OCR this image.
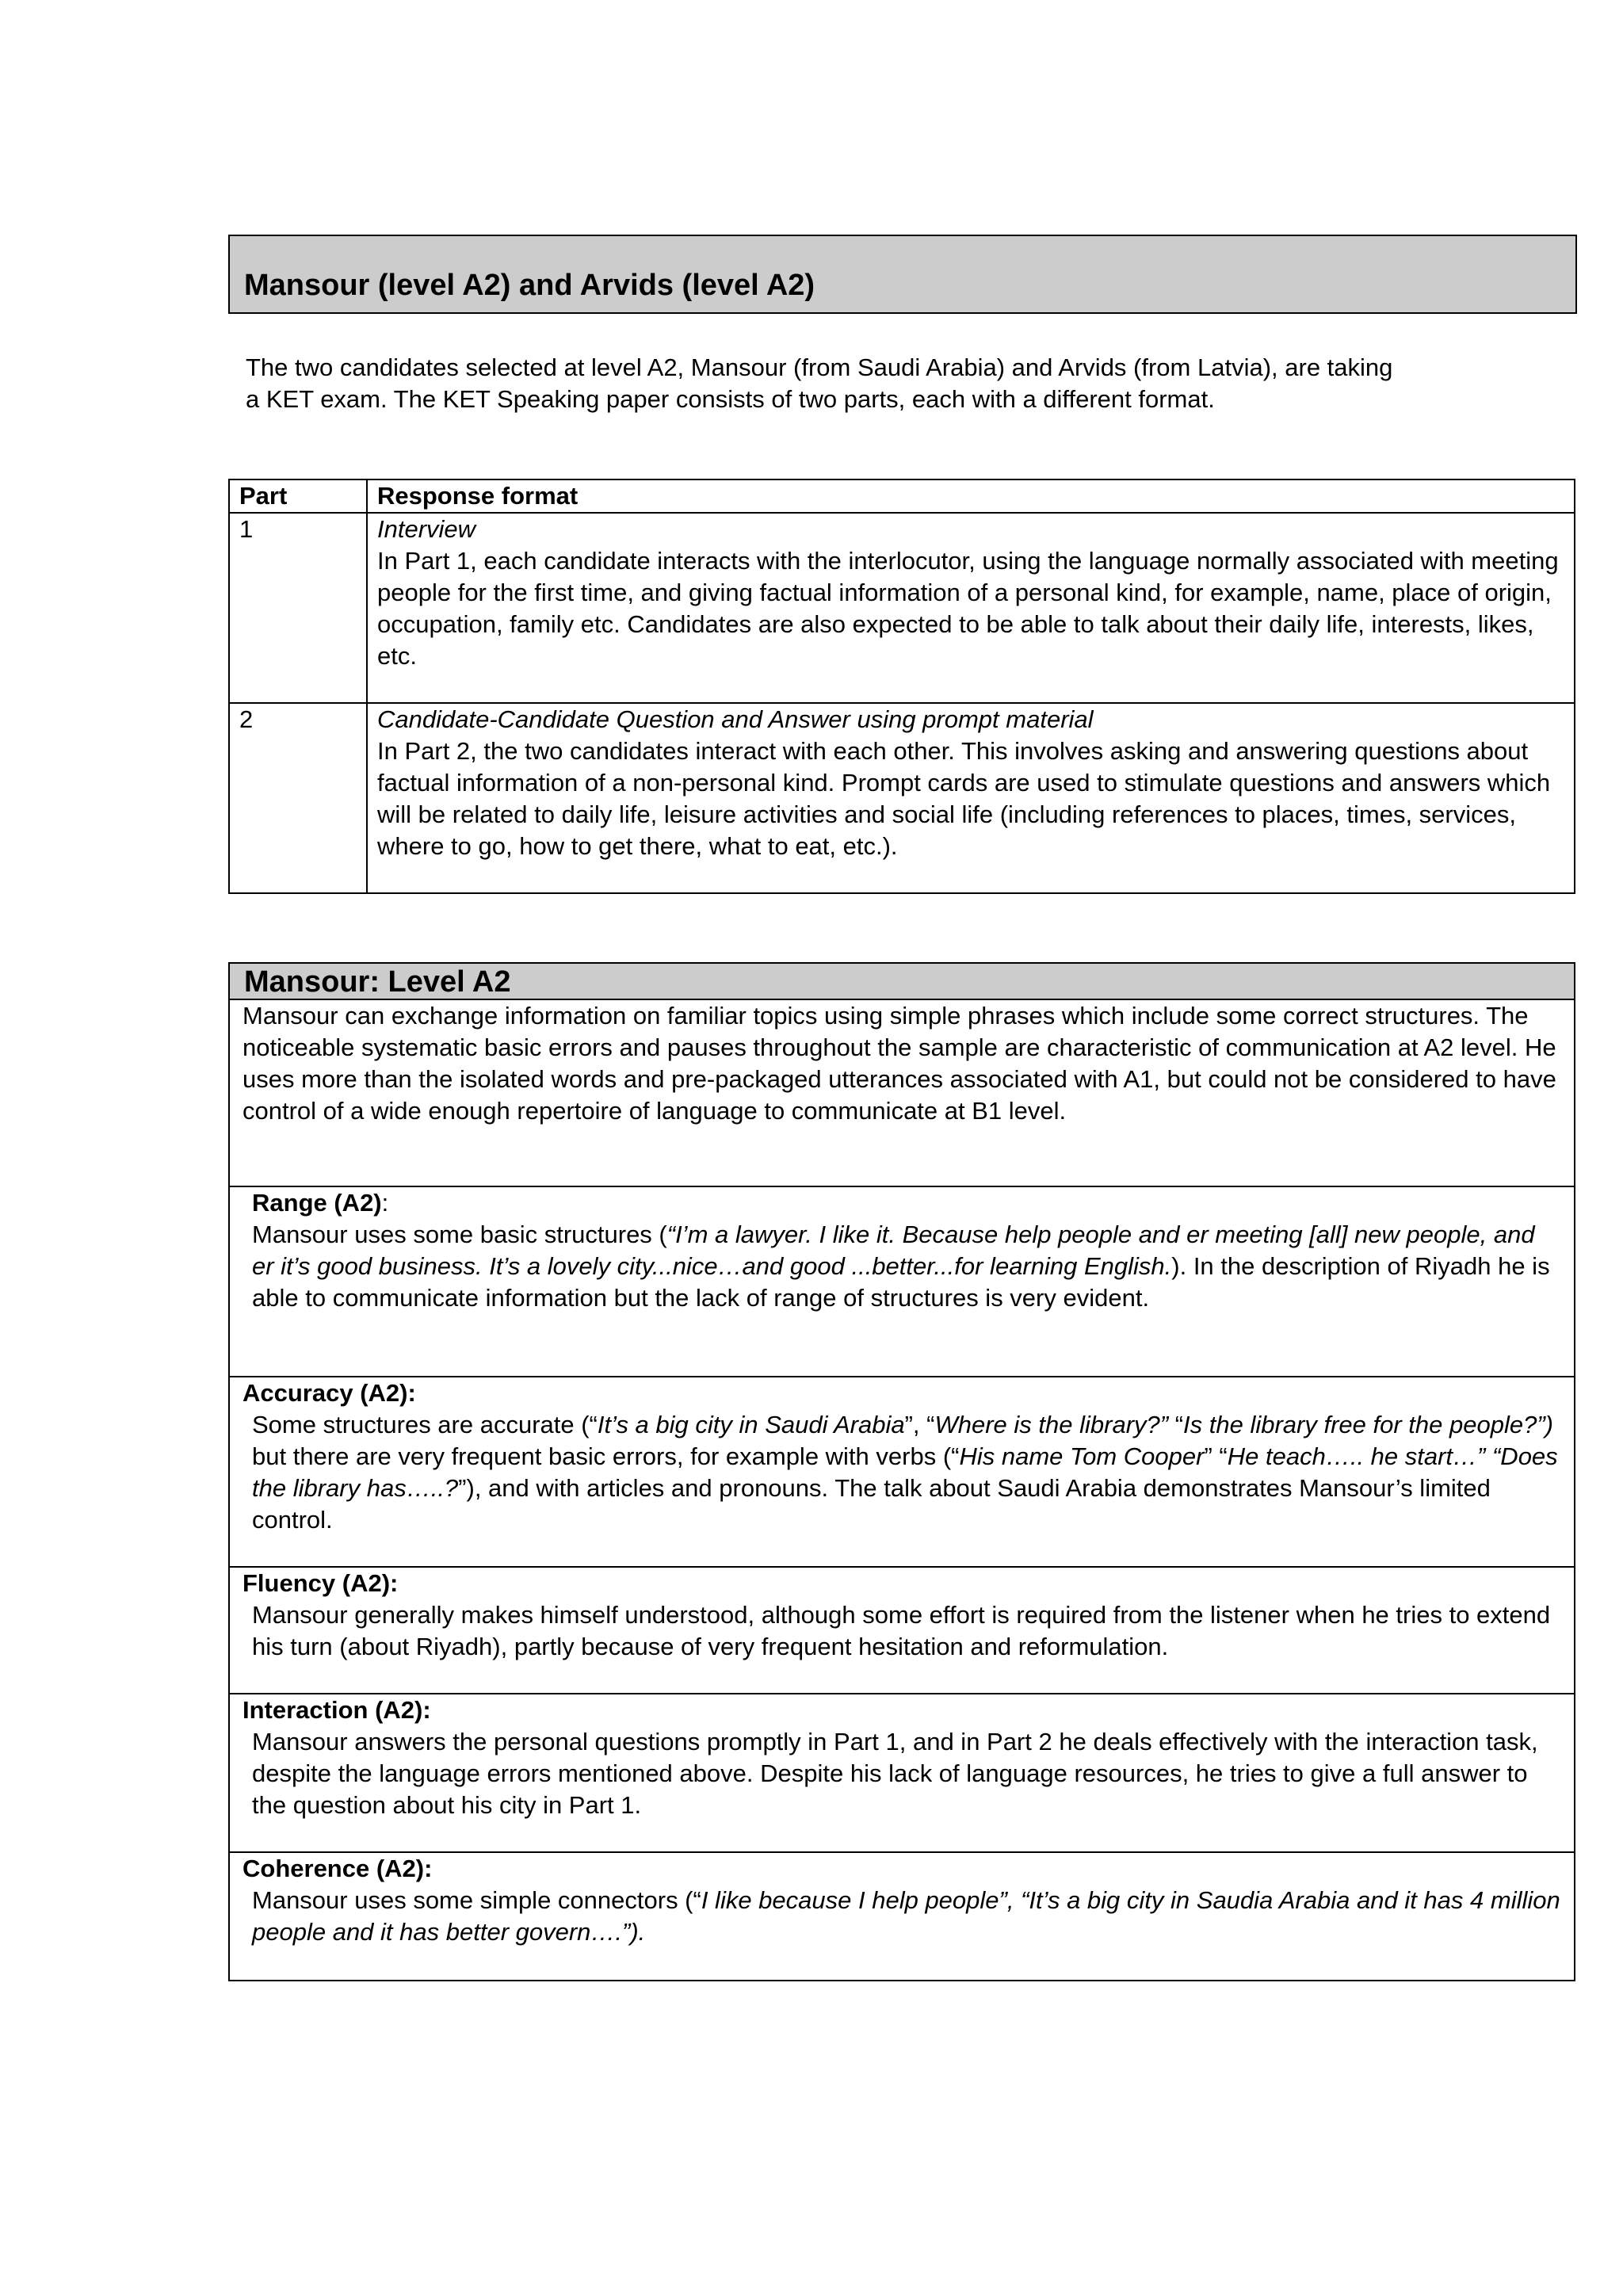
Mansour (level A2) and Arvids (level A2)

The two candidates selected at level A2, Mansour (from Saudi Arabia) and Arvids (from Latvia), are taking a KET exam. The KET Speaking paper consists of two parts, each with a different format.

Part	Response format
1	Interview
In Part 1, each candidate interacts with the interlocutor, using the language normally associated with meeting people for the first time, and giving factual information of a personal kind, for example, name, place of origin, occupation, family etc. Candidates are also expected to be able to talk about their daily life, interests, likes, etc.
2	Candidate-Candidate Question and Answer using prompt material
In Part 2, the two candidates interact with each other. This involves asking and answering questions about factual information of a non-personal kind. Prompt cards are used to stimulate questions and answers which will be related to daily life, leisure activities and social life (including references to places, times, services, where to go, how to get there, what to eat, etc.).
Mansour: Level A2
Mansour can exchange information on familiar topics using simple phrases which include some correct structures. The noticeable systematic basic errors and pauses throughout the sample are characteristic of communication at A2 level. He uses more than the isolated words and pre-packaged utterances associated with A1, but could not be considered to have control of a wide enough repertoire of language to communicate at B1 level.
Range (A2):
Mansour uses some basic structures (“I’m a lawyer. I like it. Because help people and er meeting [all] new people, and er it’s good business. It’s a lovely city...nice…and good ...better...for learning English.). In the description of Riyadh he is able to communicate information but the lack of range of structures is very evident.
Accuracy (A2):
Some structures are accurate (“It’s a big city in Saudi Arabia”, “Where is the library?” “Is the library free for the people?”) but there are very frequent basic errors, for example with verbs (“His name Tom Cooper” “He teach….. he start…” “Does the library has…..?”), and with articles and pronouns. The talk about Saudi Arabia demonstrates Mansour’s limited control.
Fluency (A2):
Mansour generally makes himself understood, although some effort is required from the listener when he tries to extend his turn (about Riyadh), partly because of very frequent hesitation and reformulation.
Interaction (A2):
Mansour answers the personal questions promptly in Part 1, and in Part 2 he deals effectively with the interaction task, despite the language errors mentioned above. Despite his lack of language resources, he tries to give a full answer to the question about his city in Part 1.
Coherence (A2):
Mansour uses some simple connectors (“I like because I help people”, “It’s a big city in Saudia Arabia and it has 4 million people and it has better govern….”).
